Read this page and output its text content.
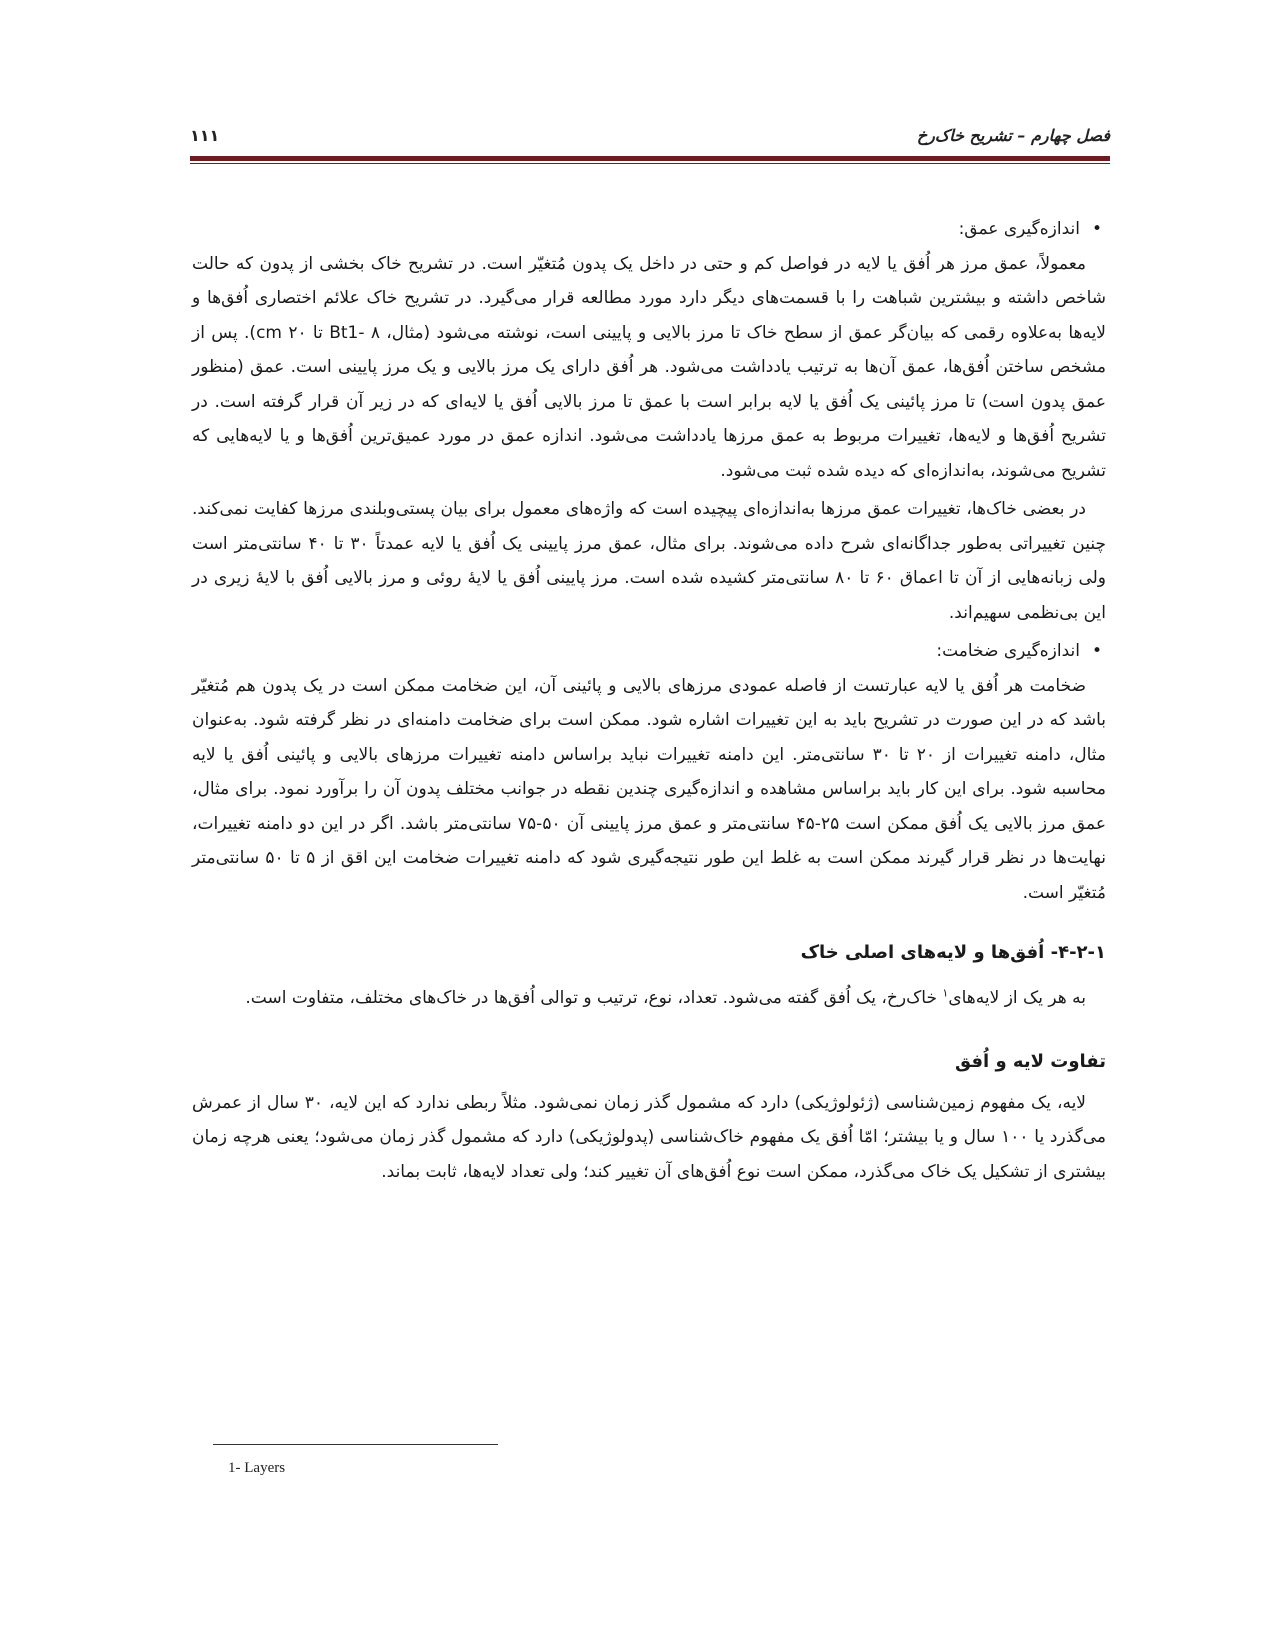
فصل چهارم – تشریح خاک‌رخ
۱۱۱
•
اندازه‌گیری عمق:

معمولاً، عمق مرز هر اُفق یا لایه در فواصل کم و حتی در داخل یک پدون مُتغیّر است. در تشریح خاک بخشی از پدون که حالت شاخص داشته و بیشترین شباهت را با قسمت‌های دیگر دارد مورد مطالعه قرار می‌گیرد. در تشریح خاک علائم اختصاری اُفق‌ها و لایه‌ها به‌علاوه رقمی که بیان‌گر عمق از سطح خاک تا مرز بالایی و پایینی است، نوشته می‌شود (مثال، Bt1- ۸ تا ۲۰ cm). پس از مشخص ساختن اُفق‌ها، عمق آن‌ها به ترتیب یادداشت می‌شود. هر اُفق دارای یک مرز بالایی و یک مرز پایینی است. عمق (منظور عمق پدون است) تا مرز پائینی یک اُفق یا لایه برابر است با عمق تا مرز بالایی اُفق یا لایه‌ای که در زیر آن قرار گرفته است. در تشریح اُفق‌ها و لایه‌ها، تغییرات مربوط به عمق مرزها یادداشت می‌شود. اندازه عمق در مورد عمیق‌ترین اُفق‌ها و یا لایه‌هایی که تشریح می‌شوند، به‌اندازه‌ای که دیده شده ثبت می‌شود.

در بعضی خاک‌ها، تغییرات عمق مرزها به‌اندازه‌ای پیچیده است که واژه‌های معمول برای بیان پستی‌وبلندی مرزها کفایت نمی‌کند. چنین تغییراتی به‌طور جداگانه‌ای شرح داده می‌شوند. برای مثال، عمق مرز پایینی یک اُفق یا لایه عمدتاً ۳۰ تا ۴۰ سانتی‌متر است ولی زبانه‌هایی از آن تا اعماق ۶۰ تا ۸۰ سانتی‌متر کشیده شده است. مرز پایینی اُفق یا لایهٔ روئی و مرز بالایی اُفق با لایهٔ زیری در این بی‌نظمی سهیم‌اند.

•
اندازه‌گیری ضخامت:

ضخامت هر اُفق یا لایه عبارتست از فاصله عمودی مرزهای بالایی و پائینی آن، این ضخامت ممکن است در یک پدون هم مُتغیّر باشد که در این صورت در تشریح باید به این تغییرات اشاره شود. ممکن است برای ضخامت دامنه‌ای در نظر گرفته شود. به‌عنوان مثال، دامنه تغییرات از ۲۰ تا ۳۰ سانتی‌متر. این دامنه تغییرات نباید براساس دامنه تغییرات مرزهای بالایی و پائینی اُفق یا لایه محاسبه شود. برای این کار باید براساس مشاهده و اندازه‌گیری چندین نقطه در جوانب مختلف پدون آن را برآورد نمود. برای مثال، عمق مرز بالایی یک اُفق ممکن است ۲۵-۴۵ سانتی‌متر و عمق مرز پایینی آن ۵۰-۷۵ سانتی‌متر باشد. اگر در این دو دامنه تغییرات، نهایت‌ها در نظر قرار گیرند ممکن است به غلط این طور نتیجه‌گیری شود که دامنه تغییرات ضخامت این اقق از ۵ تا ۵۰ سانتی‌متر مُتغیّر است.

۴-۲-۱- اُفق‌ها و لایه‌های اصلی خاک

به هر یک از لایه‌های$^۱$ خاک‌رخ، یک اُفق گفته می‌شود. تعداد، نوع، ترتیب و توالی اُفق‌ها در خاک‌های مختلف، متفاوت است.

تفاوت لایه و اُفق

لایه، یک مفهوم زمین‌شناسی (ژئولوژیکی) دارد که مشمول گذر زمان نمی‌شود. مثلاً ربطی ندارد که این لایه، ۳۰ سال از عمرش می‌گذرد یا ۱۰۰ سال و یا بیشتر؛ امّا اُفق یک مفهوم خاک‌شناسی (پدولوژیکی) دارد که مشمول گذر زمان می‌شود؛ یعنی هرچه زمان بیشتری از تشکیل یک خاک می‌گذرد، ممکن است نوع اُفق‌های آن تغییر کند؛ ولی تعداد لایه‌ها، ثابت بماند.

1- Layers
